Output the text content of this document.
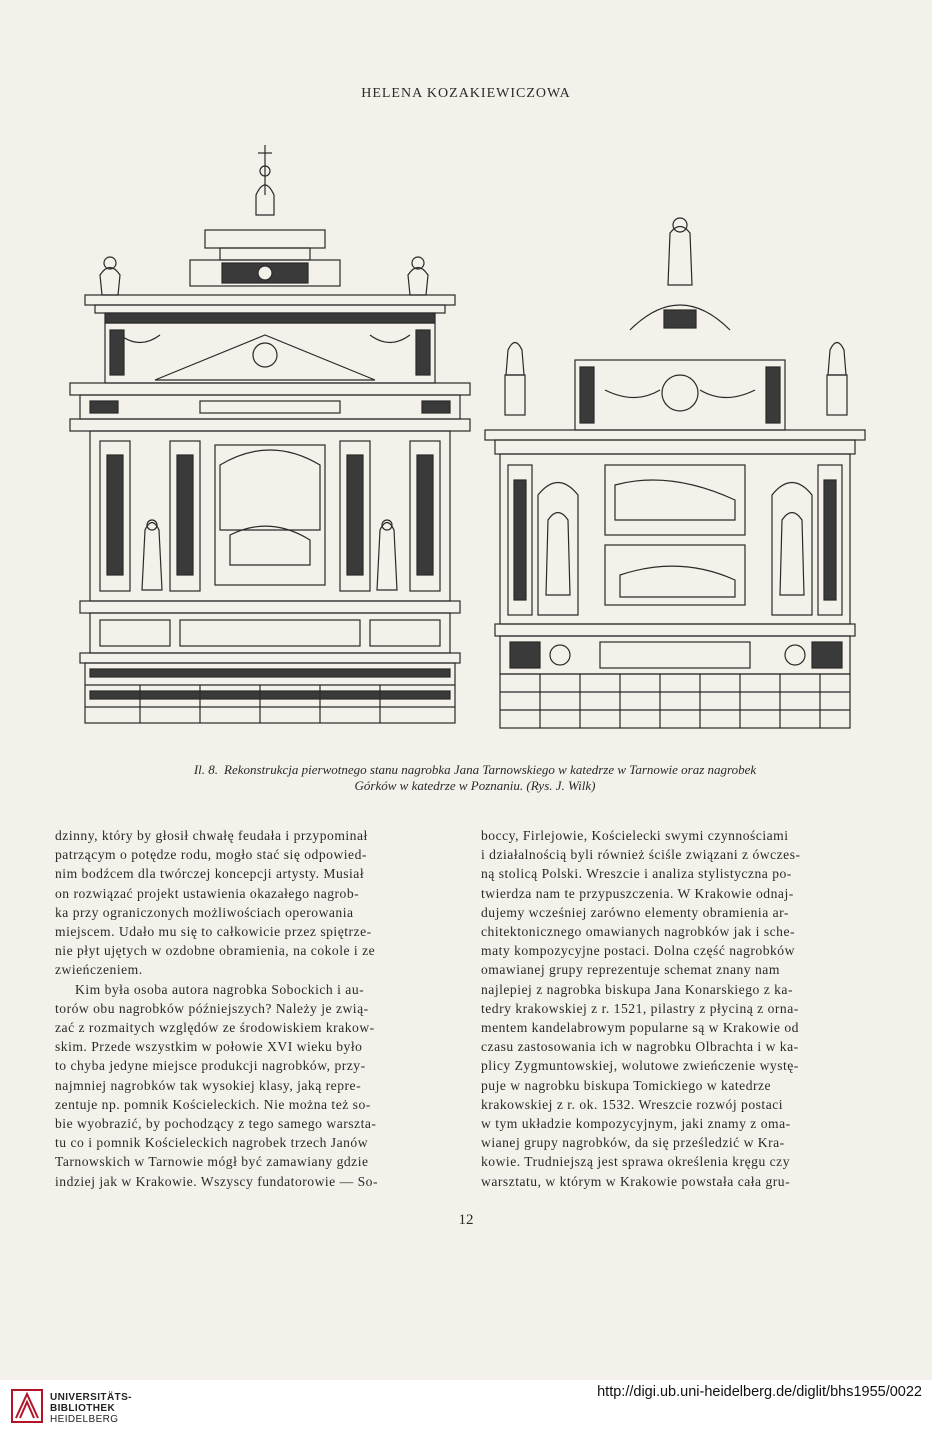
HELENA KOZAKIEWICZOWA
Il. 8. Rekonstrukcja pierwotnego stanu nagrobka Jana Tarnowskiego w katedrze w Tarnowie oraz nagrobek
Górków w katedrze w Poznaniu. (Rys. J. Wilk)

dzinny, który by głosił chwałę feudała i przypominał

patrzącym o potędze rodu, mogło stać się odpowied-

nim bodźcem dla twórczej koncepcji artysty. Musiał

on rozwiązać projekt ustawienia okazałego nagrob-

ka przy ograniczonych możliwościach operowania

miejscem. Udało mu się to całkowicie przez spiętrze-

nie płyt ujętych w ozdobne obramienia, na cokole i ze

zwieńczeniem.

Kim była osoba autora nagrobka Sobockich i au-

torów obu nagrobków późniejszych? Należy je zwią-

zać z rozmaitych względów ze środowiskiem krakow-

skim. Przede wszystkim w połowie XVI wieku było

to chyba jedyne miejsce produkcji nagrobków, przy-

najmniej nagrobków tak wysokiej klasy, jaką repre-

zentuje np. pomnik Kościeleckich. Nie można też so-

bie wyobrazić, by pochodzący z tego samego warszta-

tu co i pomnik Kościeleckich nagrobek trzech Janów

Tarnowskich w Tarnowie mógł być zamawiany gdzie

indziej jak w Krakowie. Wszyscy fundatorowie — So-

boccy, Firlejowie, Kościelecki swymi czynnościami

i działalnością byli również ściśle związani z ówczes-

ną stolicą Polski. Wreszcie i analiza stylistyczna po-

twierdza nam te przypuszczenia. W Krakowie odnaj-

dujemy wcześniej zarówno elementy obramienia ar-

chitektonicznego omawianych nagrobków jak i sche-

maty kompozycyjne postaci. Dolna część nagrobków

omawianej grupy reprezentuje schemat znany nam

najlepiej z nagrobka biskupa Jana Konarskiego z ka-

tedry krakowskiej z r. 1521, pilastry z płyciną z orna-

mentem kandelabrowym popularne są w Krakowie od

czasu zastosowania ich w nagrobku Olbrachta i w ka-

plicy Zygmuntowskiej, wolutowe zwieńczenie wystę-

puje w nagrobku biskupa Tomickiego w katedrze

krakowskiej z r. ok. 1532. Wreszcie rozwój postaci

w tym układzie kompozycyjnym, jaki znamy z oma-

wianej grupy nagrobków, da się prześledzić w Kra-

kowie. Trudniejszą jest sprawa określenia kręgu czy

warsztatu, w którym w Krakowie powstała cała gru-

12
UNIVERSITÄTS-
BIBLIOTHEK
HEIDELBERG
http://digi.ub.uni-heidelberg.de/diglit/bhs1955/0022
